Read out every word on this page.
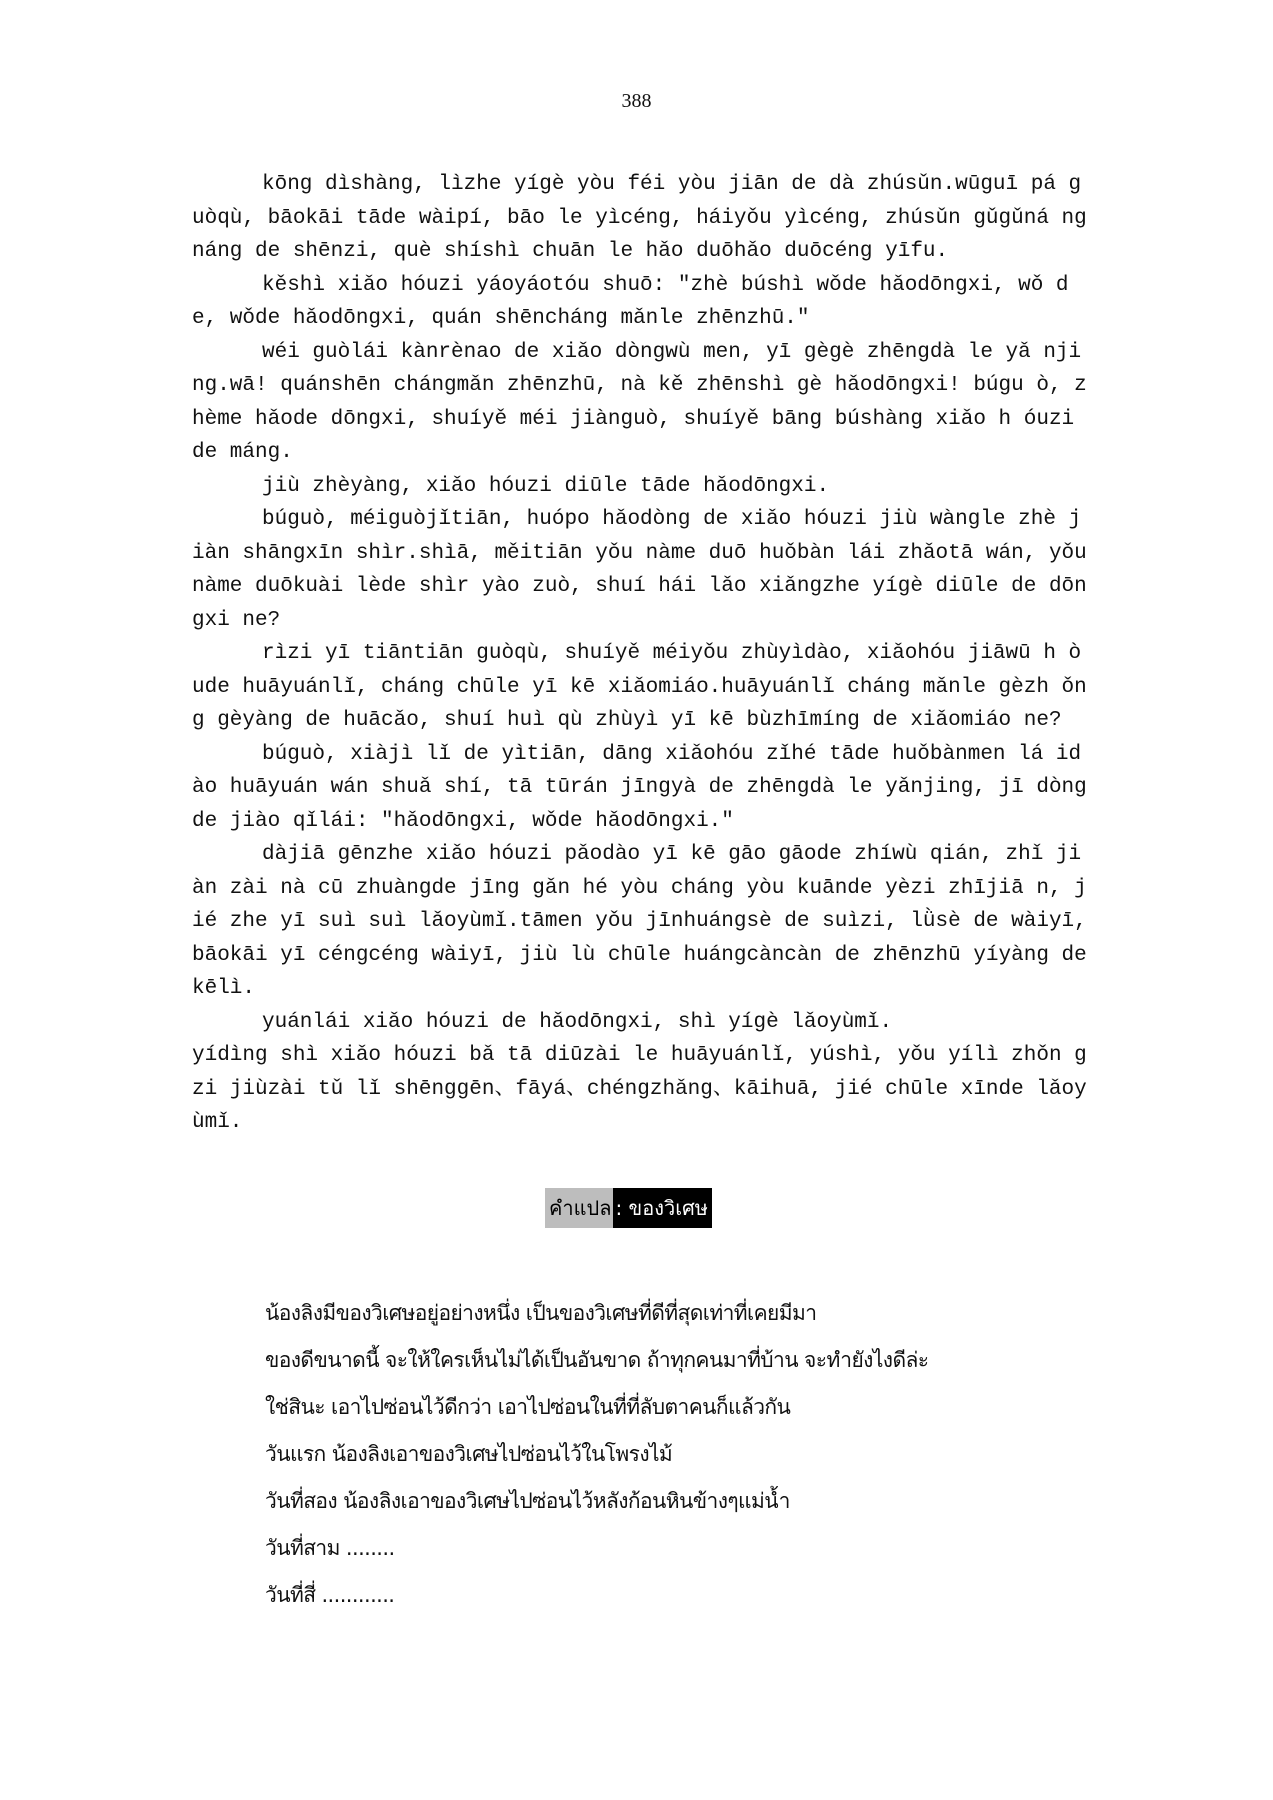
388

kōng dìshàng, lìzhe yígè yòu féi yòu jiān de dà zhúsǔn.wūguī pá guòqù, bāokāi tāde wàipí, bāo le yìcéng, háiyǒu yìcéng, zhúsǔn gǔgǔná ngnáng de shēnzi, què shíshì chuān le hǎo duōhǎo duōcéng yīfu.

kěshì xiǎo hóuzi yáoyáotóu shuō: ″zhè búshì wǒde hǎodōngxi, wǒ de, wǒde hǎodōngxi, quán shēncháng mǎnle zhēnzhū.″

wéi guòlái kànrènao de xiǎo dòngwù men, yī gègè zhēngdà le yǎ njing.wā! quánshēn chángmǎn zhēnzhū, nà kě zhēnshì gè hǎodōngxi! búgu ò, zhème hǎode dōngxi, shuíyě méi jiànguò, shuíyě bāng búshàng xiǎo h óuzi de máng.

jiù zhèyàng, xiǎo hóuzi diūle tāde hǎodōngxi.

búguò, méiguòjǐtiān, huópo hǎodòng de xiǎo hóuzi jiù wàngle zhè jiàn shāngxīn shìr.shìā, měitiān yǒu nàme duō huǒbàn lái zhǎotā wán, yǒu nàme duōkuài lède shìr yào zuò, shuí hái lǎo xiǎngzhe yígè diūle de dōngxi ne?

rìzi yī tiāntiān guòqù, shuíyě méiyǒu zhùyìdào, xiǎohóu jiāwū h òude huāyuánlǐ, cháng chūle yī kē xiǎomiáo.huāyuánlǐ cháng mǎnle gèzh ǒng gèyàng de huācǎo, shuí huì qù zhùyì yī kē bùzhīmíng de xiǎomiáo ne?

búguò, xiàjì lǐ de yìtiān, dāng xiǎohóu zǐhé tāde huǒbànmen lá idào huāyuán wán shuǎ shí, tā tūrán jīngyà de zhēngdà le yǎnjing, jī dòngde jiào qǐlái: ″hǎodōngxi, wǒde hǎodōngxi.″

dàjiā gēnzhe xiǎo hóuzi pǎodào yī kē gāo gāode zhíwù qián, zhǐ jiàn zài nà cū zhuàngde jīng gǎn hé yòu cháng yòu kuānde yèzi zhījiā n, jié zhe yī suì suì lǎoyùmǐ.tāmen yǒu jīnhuángsè de suìzi, lǜsè de wàiyī, bāokāi yī céngcéng wàiyī, jiù lù chūle huángcàncàn de zhēnzhū yíyàng de kēlì.

yuánlái xiǎo hóuzi de hǎodōngxi, shì yígè lǎoyùmǐ.

yídìng shì xiǎo hóuzi bǎ tā diūzài le huāyuánlǐ, yúshì, yǒu yílì zhǒn gzi jiùzài tǔ lǐ shēnggēn、fāyá、chéngzhǎng、kāihuā, jié chūle xīnde lǎoyùmǐ.

คำแปล : ของวิเศษ

น้องลิงมีของวิเศษอยู่อย่างหนึ่ง เป็นของวิเศษที่ดีที่สุดเท่าที่เคยมีมา

ของดีขนาดนี้ จะให้ใครเห็นไม่ได้เป็นอันขาด ถ้าทุกคนมาที่บ้าน จะทำยังไงดีล่ะ

ใช่สินะ เอาไปซ่อนไว้ดีกว่า เอาไปซ่อนในที่ที่ลับตาคนก็แล้วกัน

วันแรก น้องลิงเอาของวิเศษไปซ่อนไว้ในโพรงไม้

วันที่สอง น้องลิงเอาของวิเศษไปซ่อนไว้หลังก้อนหินข้างๆแม่น้ำ

วันที่สาม ........

วันที่สี่ ............
